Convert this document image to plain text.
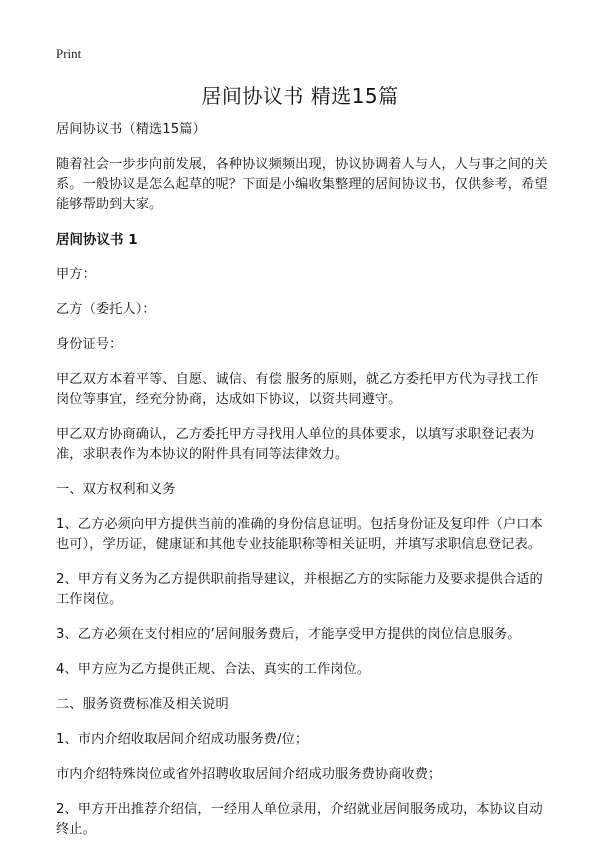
Print
居间协议书 精选15篇

居间协议书（精选15篇）

随着社会一步步向前发展，各种协议频频出现，协议协调着人与人，人与事之间的关系。一般协议是怎么起草的呢？下面是小编收集整理的居间协议书，仅供参考，希望能够帮助到大家。

居间协议书 1

甲方：

乙方（委托人）：

身份证号：

甲乙双方本着平等、自愿、诚信、有偿 服务的原则，就乙方委托甲方代为寻找工作岗位等事宜，经充分协商，达成如下协议，以资共同遵守。

甲乙双方协商确认，乙方委托甲方寻找用人单位的具体要求，以填写求职登记表为准，求职表作为本协议的附件具有同等法律效力。

一、双方权利和义务

1、乙方必须向甲方提供当前的准确的身份信息证明。包括身份证及复印件（户口本也可），学历证，健康证和其他专业技能职称等相关证明，并填写求职信息登记表。

2、甲方有义务为乙方提供职前指导建议，并根据乙方的实际能力及要求提供合适的工作岗位。

3、乙方必须在支付相应的’居间服务费后，才能享受甲方提供的岗位信息服务。

4、甲方应为乙方提供正规、合法、真实的工作岗位。

二、服务资费标准及相关说明

1、市内介绍收取居间介绍成功服务费/位；

市内介绍特殊岗位或省外招聘收取居间介绍成功服务费协商收费；

2、甲方开出推荐介绍信，一经用人单位录用，介绍就业居间服务成功，本协议自动终止。
